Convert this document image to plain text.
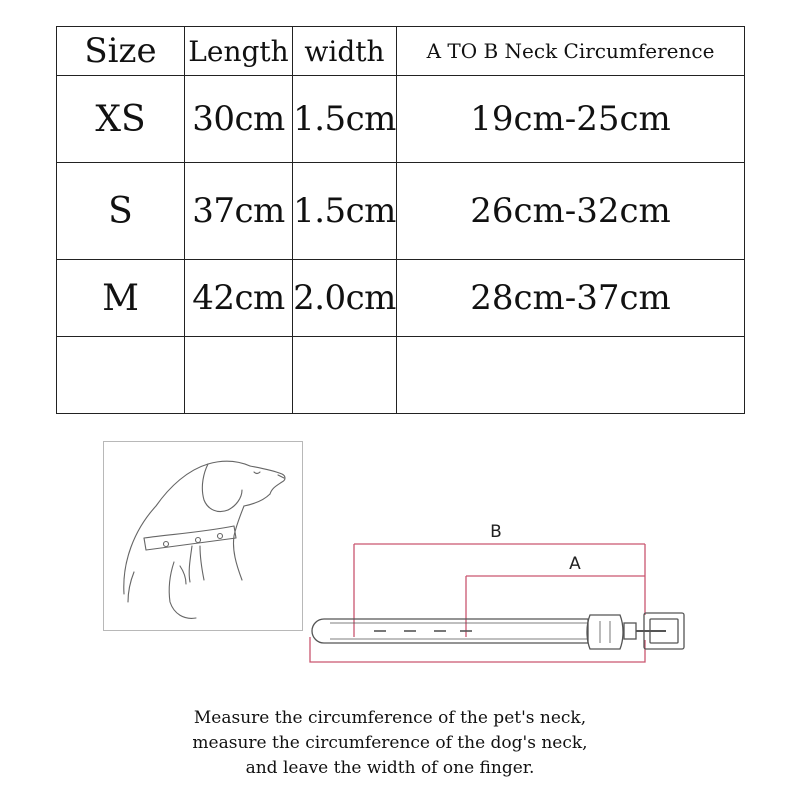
Size	Length	width	A TO B Neck Circumference
XS	30cm	1.5cm	19cm-25cm
S	37cm	1.5cm	26cm-32cm
M	42cm	2.0cm	28cm-37cm

B
A
Measure the circumference of the pet's neck,
measure the circumference of the dog's neck,
and leave the width of one finger.
